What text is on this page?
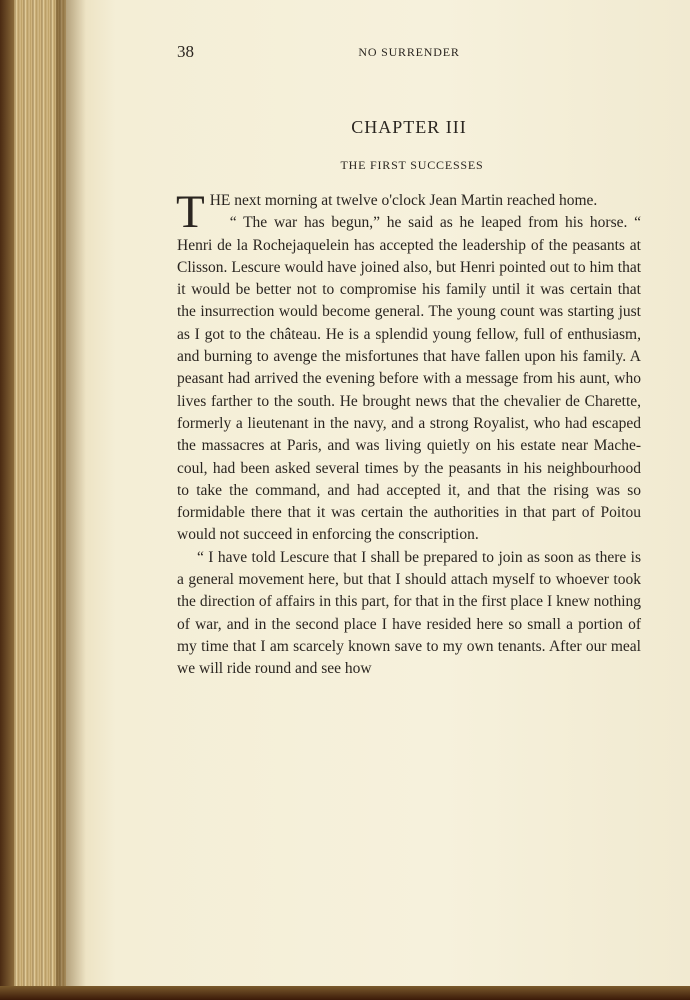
38	NO SURRENDER
CHAPTER III
THE FIRST SUCCESSES

THE next morning at twelve o'clock Jean Martin reached home.

“ The war has begun,” he said as he leaped from his horse. “ Henri de la Rochejaquelein has accepted the leadership of the peasants at Clisson. Lescure would have joined also, but Henri pointed out to him that it would be better not to compromise his family until it was certain that the insurrection would become general. The young count was starting just as I got to the château. He is a splendid young fellow, full of enthusiasm, and burning to avenge the misfortunes that have fallen upon his family. A peasant had arrived the evening before with a message from his aunt, who lives farther to the south. He brought news that the chevalier de Charette, formerly a lieutenant in the navy, and a strong Royalist, who had escaped the massacres at Paris, and was living quietly on his estate near Machecoul, had been asked several times by the peasants in his neighbourhood to take the command, and had accepted it, and that the rising was so formidable there that it was certain the authorities in that part of Poitou would not succeed in enforcing the conscription.

“ I have told Lescure that I shall be prepared to join as soon as there is a general movement here, but that I should attach myself to whoever took the direction of affairs in this part, for that in the first place I knew nothing of war, and in the second place I have resided here so small a portion of my time that I am scarcely known save to my own tenants. After our meal we will ride round and see how
